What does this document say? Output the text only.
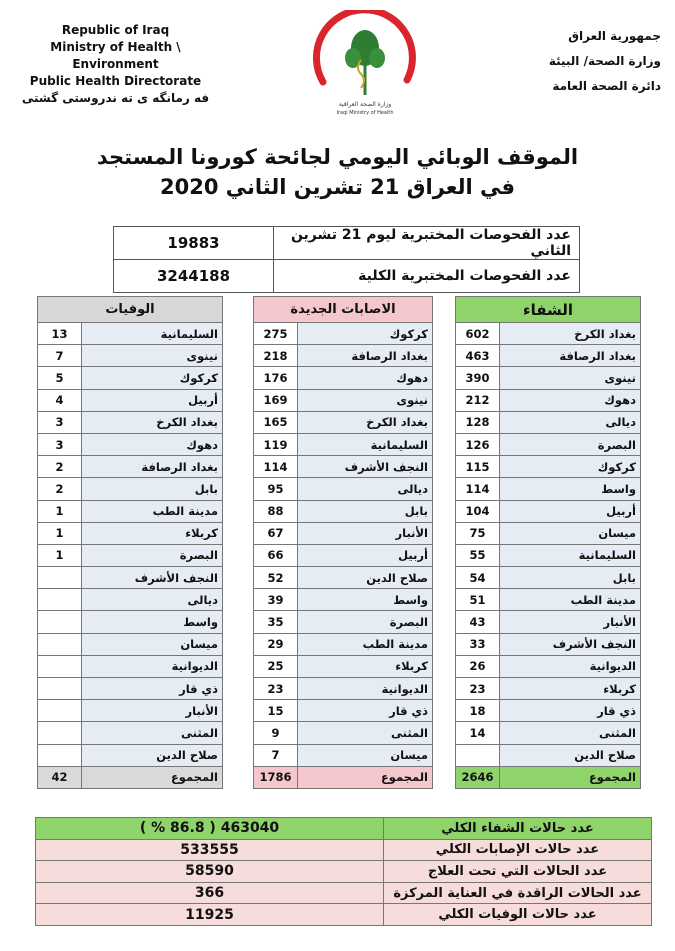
Republic of Iraq
Ministry of Health \ Environment
Public Health Directorate
فه رمانگه ی ته ندروستی گشتی	وزارة الصحة العراقية
Iraqi Ministry of Health
جمهورية العراق
وزارة الصحة/ البيئة
دائرة الصحة العامة
الموقف الوبائي اليومي لجائحة كورونا المستجد
في العراق 21 تشرين الثاني 2020
عدد الفحوصات المختبرية ليوم 21 تشرين الثاني	19883
عدد الفحوصات المختبرية الكلية	3244188
الشفاء	
بغداد الكرخ	602
بغداد الرصافة	463
نينوى	390
دهوك	212
ديالى	128
البصرة	126
كركوك	115
واسط	114
أربيل	104
ميسان	75
السليمانية	55
بابل	54
مدينة الطب	51
الأنبار	43
النجف الأشرف	33
الديوانية	26
كربلاء	23
ذي قار	18
المثنى	14
صلاح الدين	
المجموع	2646
الاصابات الجديدة	
كركوك	275
بغداد الرصافة	218
دهوك	176
نينوى	169
بغداد الكرخ	165
السليمانية	119
النجف الأشرف	114
ديالى	95
بابل	88
الأنبار	67
أربيل	66
صلاح الدين	52
واسط	39
البصرة	35
مدينة الطب	29
كربلاء	25
الديوانية	23
ذي قار	15
المثنى	9
ميسان	7
المجموع	1786
الوفيات	
السليمانية	13
نينوى	7
كركوك	5
أربيل	4
بغداد الكرخ	3
دهوك	3
بغداد الرصافة	2
بابل	2
مدينة الطب	1
كربلاء	1
البصرة	1
النجف الأشرف	
ديالى	
واسط	
ميسان	
الديوانية	
ذي قار	
الأنبار	
المثنى	
صلاح الدين	
المجموع	42
عدد حالات الشفاء الكلي	463040 ( 86.8 % )
عدد حالات الإصابات الكلي	533555
عدد الحالات التي تحت العلاج	58590
عدد الحالات الراقدة في العناية المركزة	366
عدد حالات الوفيات الكلي	11925
